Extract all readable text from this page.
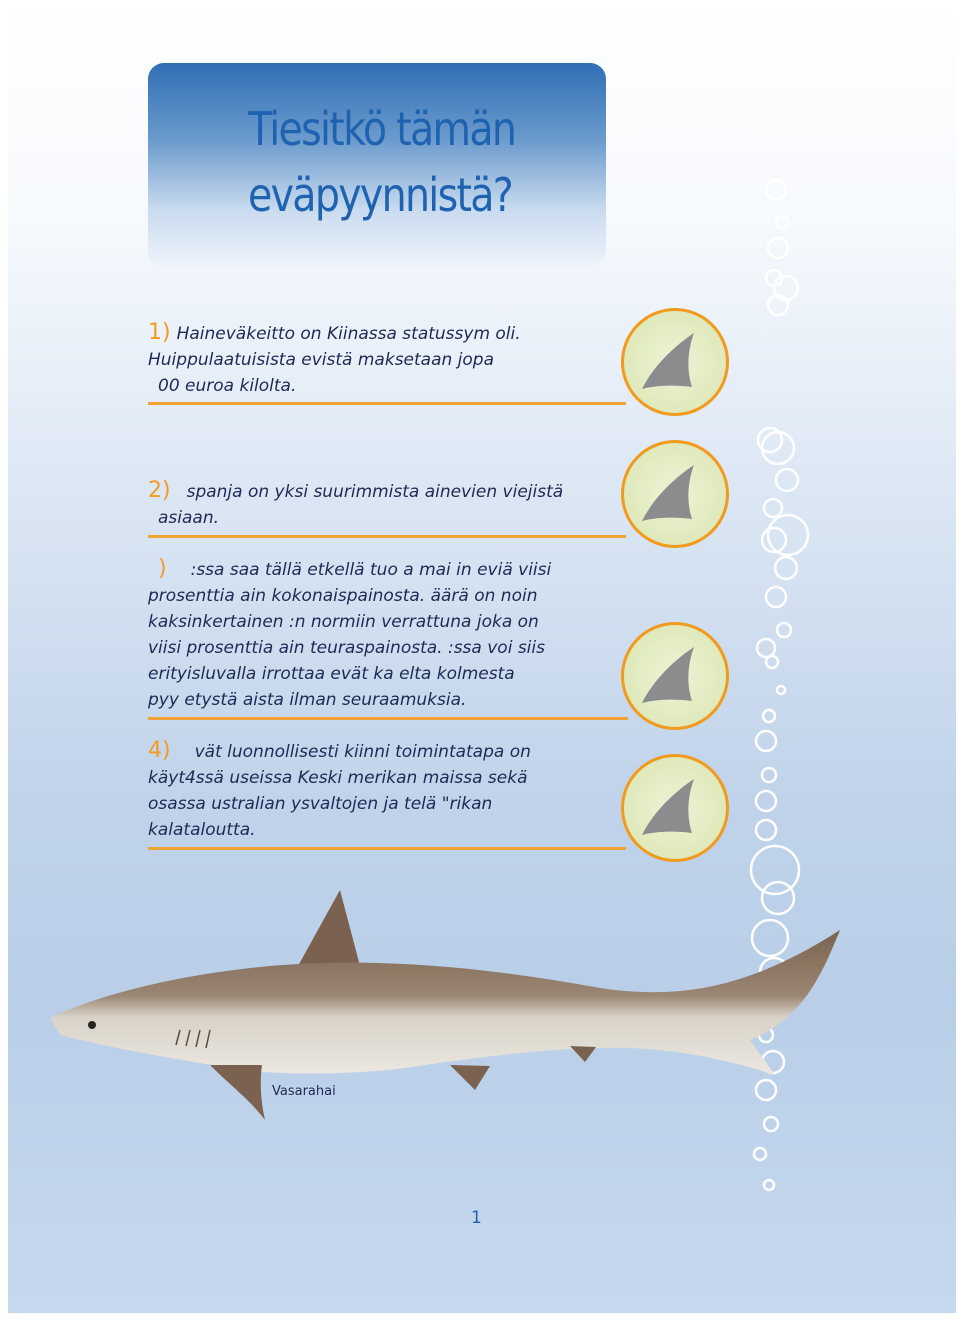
Tiesitkö tämän
eväpyynnistä?
1) Haineväkeitto on Kiinassa statussym oli.
Huippulaatuisista evistä maksetaan jopa
00 euroa kilolta.
2) spanja on yksi suurimmista ainevien viejistä
asiaan.
) :ssa saa tällä etkellä tuo a mai in eviä viisi
prosenttia ain kokonaispainosta. äärä on noin
kaksinkertainen :n normiin verrattuna joka on
viisi prosenttia ain teuraspainosta. :ssa voi siis
erityisluvalla irrottaa evät ka elta kolmesta
pyy etystä aista ilman seuraamuksia.
4) vät luonnollisesti kiinni toimintatapa on
käyt4ssä useissa Keski merikan maissa sekä
osassa ustralian ysvaltojen ja telä "rikan
kalataloutta.
Vasarahai
1
